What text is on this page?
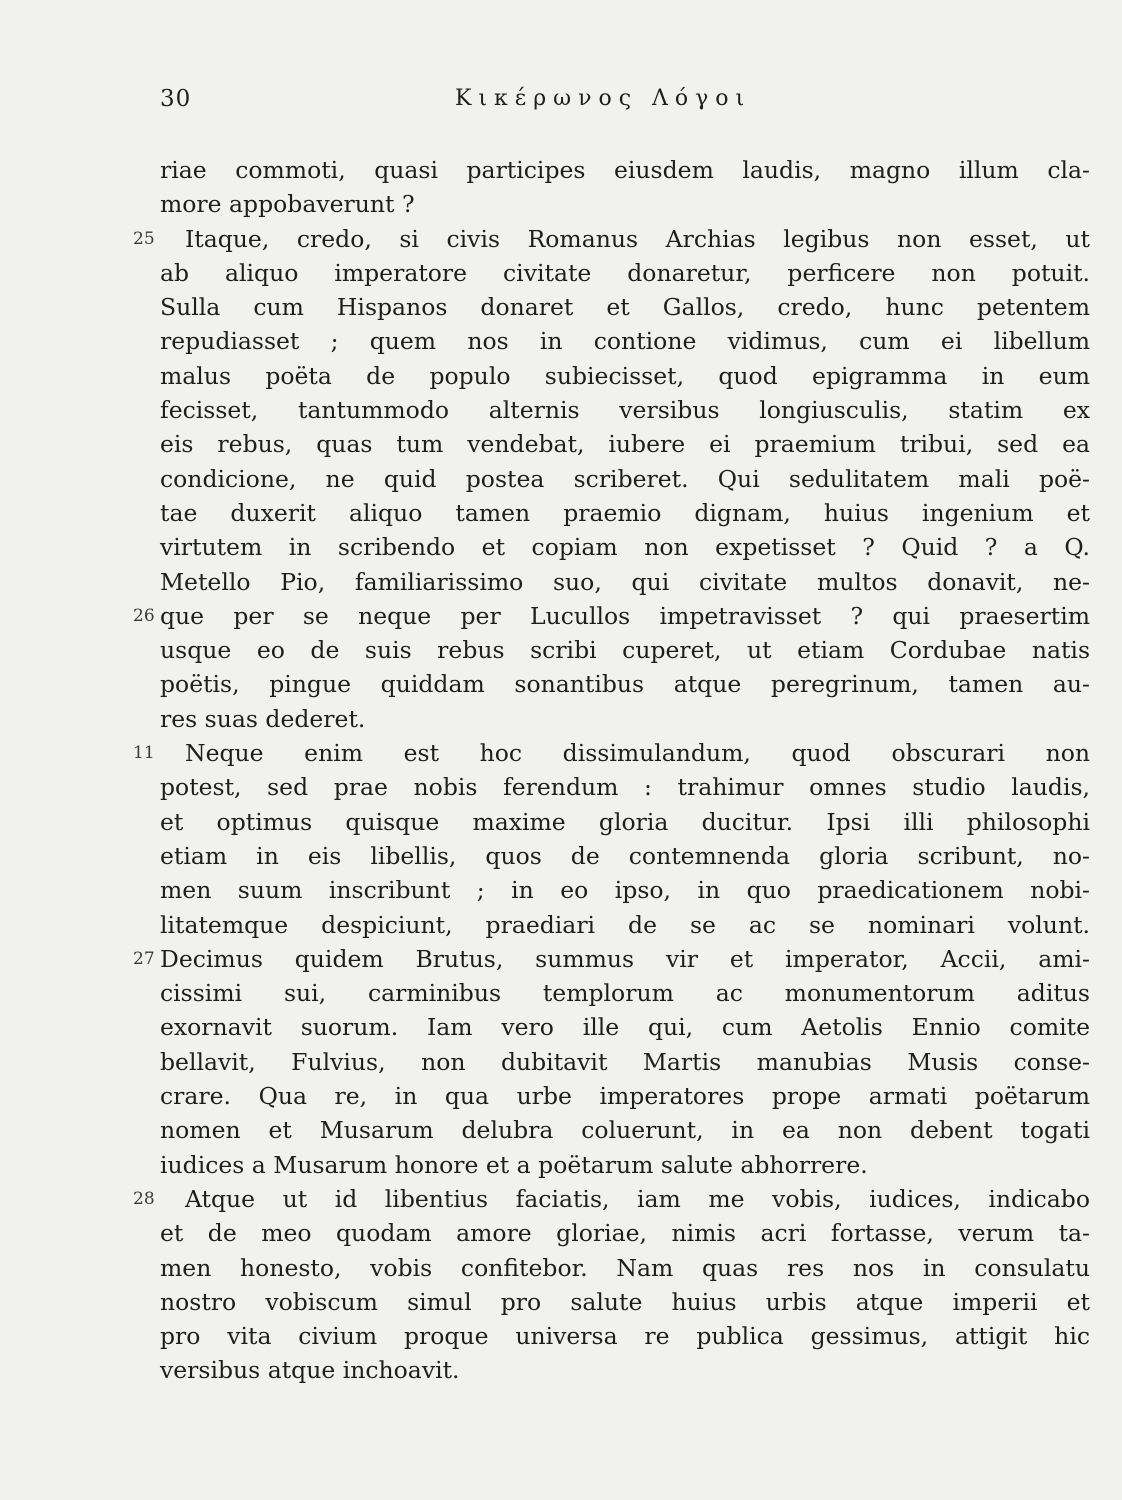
30	Κικέρωνος Λόγοι
riae commoti, quasi participes eiusdem laudis, magno illum cla-
more appobaverunt ?
25 Itaque, credo, si civis Romanus Archias legibus non esset, ut
ab aliquo imperatore civitate donaretur, perficere non potuit.
Sulla cum Hispanos donaret et Gallos, credo, hunc petentem
repudiasset ; quem nos in contione vidimus, cum ei libellum
malus poëta de populo subiecisset, quod epigramma in eum
fecisset, tantummodo alternis versibus longiusculis, statim ex
eis rebus, quas tum vendebat, iubere ei praemium tribui, sed ea
condicione, ne quid postea scriberet. Qui sedulitatem mali poë-
tae duxerit aliquo tamen praemio dignam, huius ingenium et
virtutem in scribendo et copiam non expetisset ? Quid ? a Q.
Metello Pio, familiarissimo suo, qui civitate multos donavit, ne-
26 que per se neque per Lucullos impetravisset ? qui praesertim
usque eo de suis rebus scribi cuperet, ut etiam Cordubae natis
poëtis, pingue quiddam sonantibus atque peregrinum, tamen au-
res suas dederet.
11 Neque enim est hoc dissimulandum, quod obscurari non
potest, sed prae nobis ferendum : trahimur omnes studio laudis,
et optimus quisque maxime gloria ducitur. Ipsi illi philosophi
etiam in eis libellis, quos de contemnenda gloria scribunt, no-
men suum inscribunt ; in eo ipso, in quo praedicationem nobi-
litatemque despiciunt, praediari de se ac se nominari volunt.
27 Decimus quidem Brutus, summus vir et imperator, Accii, ami-
cissimi sui, carminibus templorum ac monumentorum aditus
exornavit suorum. Iam vero ille qui, cum Aetolis Ennio comite
bellavit, Fulvius, non dubitavit Martis manubias Musis conse-
crare. Qua re, in qua urbe imperatores prope armati poëtarum
nomen et Musarum delubra coluerunt, in ea non debent togati
iudices a Musarum honore et a poëtarum salute abhorrere.
28 Atque ut id libentius faciatis, iam me vobis, iudices, indicabo
et de meo quodam amore gloriae, nimis acri fortasse, verum ta-
men honesto, vobis confitebor. Nam quas res nos in consulatu
nostro vobiscum simul pro salute huius urbis atque imperii et
pro vita civium proque universa re publica gessimus, attigit hic
versibus atque inchoavit.
